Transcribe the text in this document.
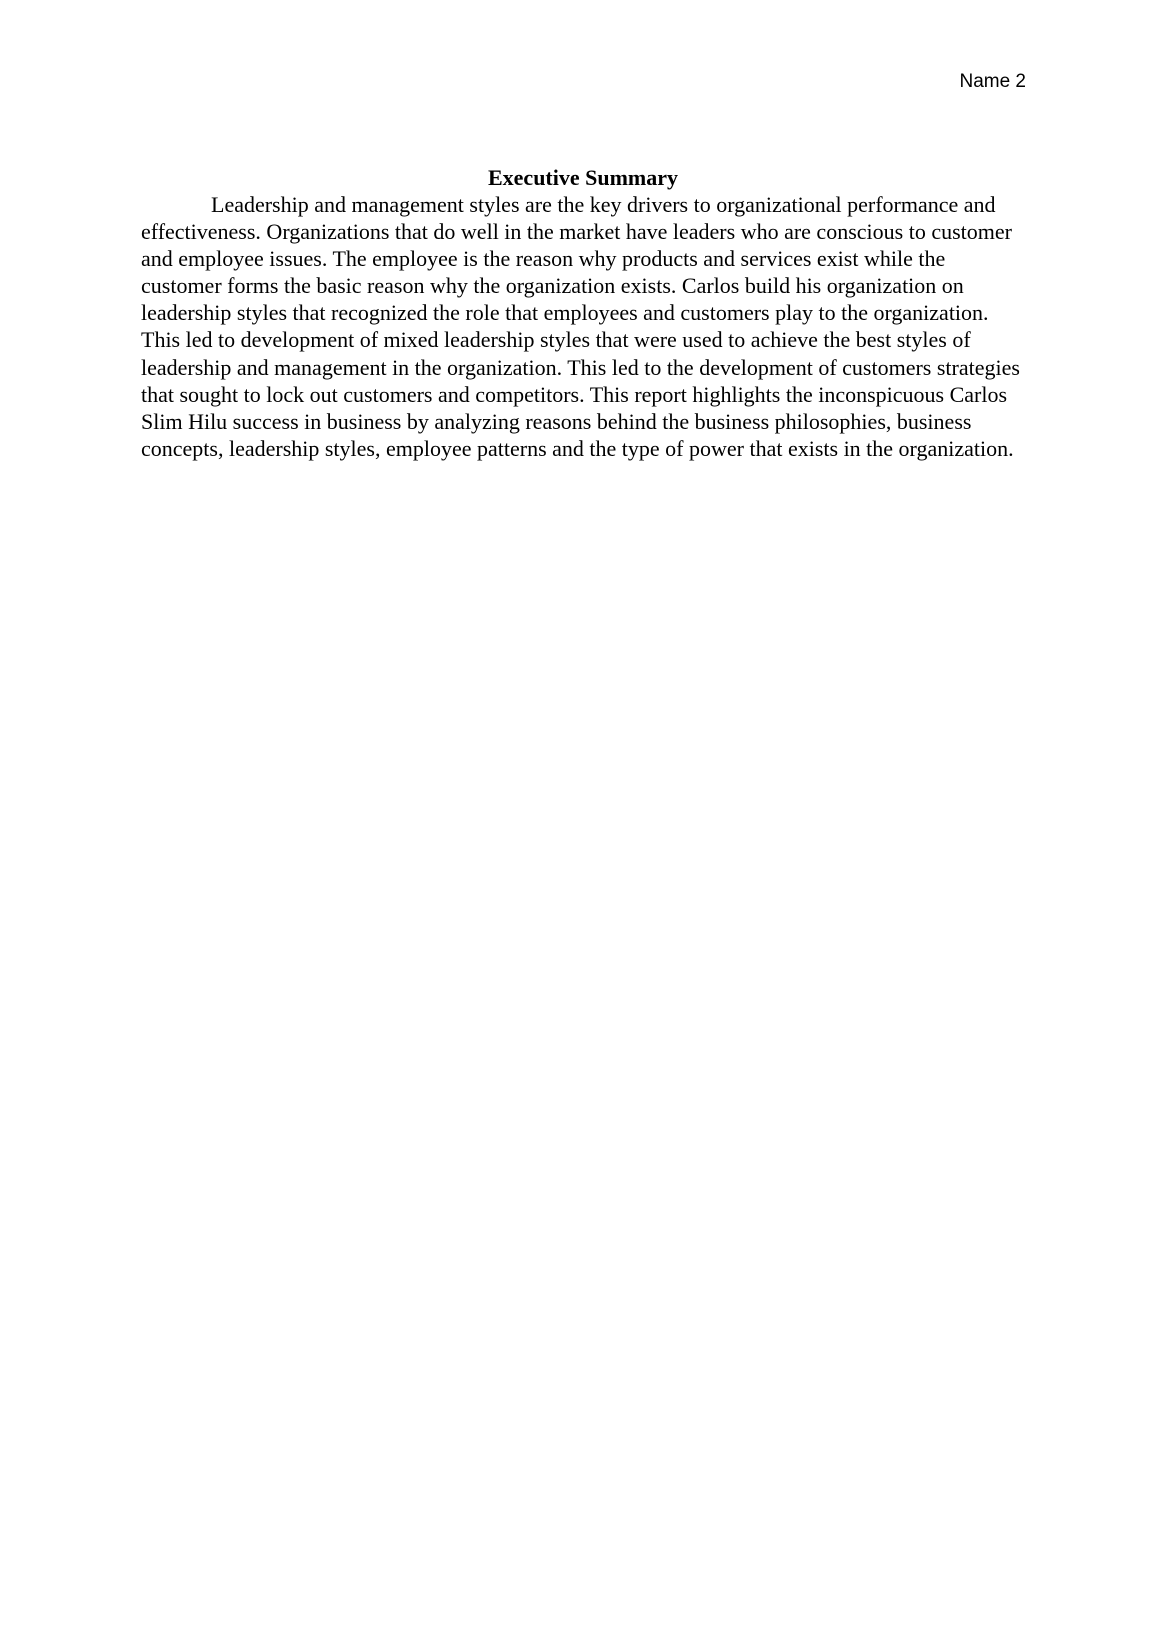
Name 2
Executive Summary

Leadership and management styles are the key drivers to organizational performance and effectiveness. Organizations that do well in the market have leaders who are conscious to customer and employee issues. The employee is the reason why products and services exist while the customer forms the basic reason why the organization exists. Carlos build his organization on leadership styles that recognized the role that employees and customers play to the organization. This led to development of mixed leadership styles that were used to achieve the best styles of leadership and management in the organization. This led to the development of customers strategies that sought to lock out customers and competitors. This report highlights the inconspicuous Carlos Slim Hilu success in business by analyzing reasons behind the business philosophies, business concepts, leadership styles, employee patterns and the type of power that exists in the organization.
